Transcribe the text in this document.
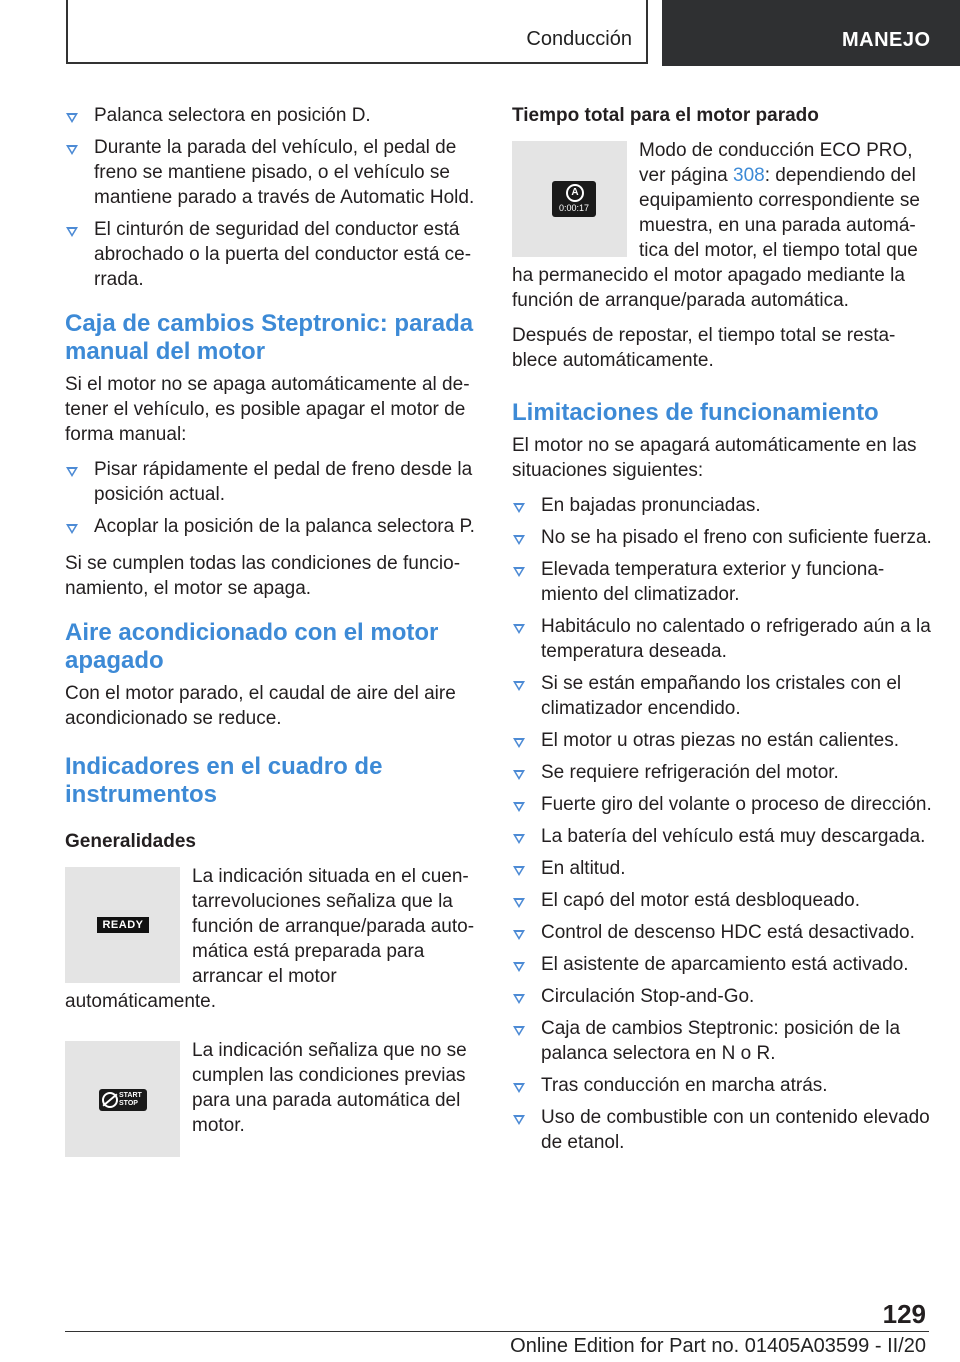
Conducción	MANEJO
Palanca selectora en posición D.
Durante la parada del vehículo, el pedal de freno se mantiene pisado, o el vehículo se mantiene parado a través de Automatic Hold.
El cinturón de seguridad del conductor está abrochado o la puerta del conductor está cerrada.
Caja de cambios Steptronic: parada manual del motor

Si el motor no se apaga automáticamente al detener el vehículo, es posible apagar el motor de forma manual:

Pisar rápidamente el pedal de freno desde la posición actual.
Acoplar la posición de la palanca selectora P.

Si se cumplen todas las condiciones de funcionamiento, el motor se apaga.

Aire acondicionado con el motor apagado

Con el motor parado, el caudal de aire del aire acondicionado se reduce.

Indicadores en el cuadro de instrumentos
Generalidades
READY

La indicación situada en el cuentarrevoluciones señaliza que la función de arranque/parada automática está preparada para arrancar el motor automáticamente.

START
STOP

La indicación señaliza que no se cumplen las condiciones previas para una parada automática del motor.

Tiempo total para el motor parado
A
0:00:17

Modo de conducción ECO PRO, ver página 308: dependiendo del equipamiento correspondiente se muestra, en una parada automática del motor, el tiempo total que ha permanecido el motor apagado mediante la función de arranque/parada automática.

Después de repostar, el tiempo total se restablece automáticamente.

Limitaciones de funcionamiento

El motor no se apagará automáticamente en las situaciones siguientes:

En bajadas pronunciadas.
No se ha pisado el freno con suficiente fuerza.
Elevada temperatura exterior y funcionamiento del climatizador.
Habitáculo no calentado o refrigerado aún a la temperatura deseada.
Si se están empañando los cristales con el climatizador encendido.
El motor u otras piezas no están calientes.
Se requiere refrigeración del motor.
Fuerte giro del volante o proceso de dirección.
La batería del vehículo está muy descargada.
En altitud.
El capó del motor está desbloqueado.
Control de descenso HDC está desactivado.
El asistente de aparcamiento está activado.
Circulación Stop-and-Go.
Caja de cambios Steptronic: posición de la palanca selectora en N o R.
Tras conducción en marcha atrás.
Uso de combustible con un contenido elevado de etanol.
129
Online Edition for Part no. 01405A03599 - II/20
